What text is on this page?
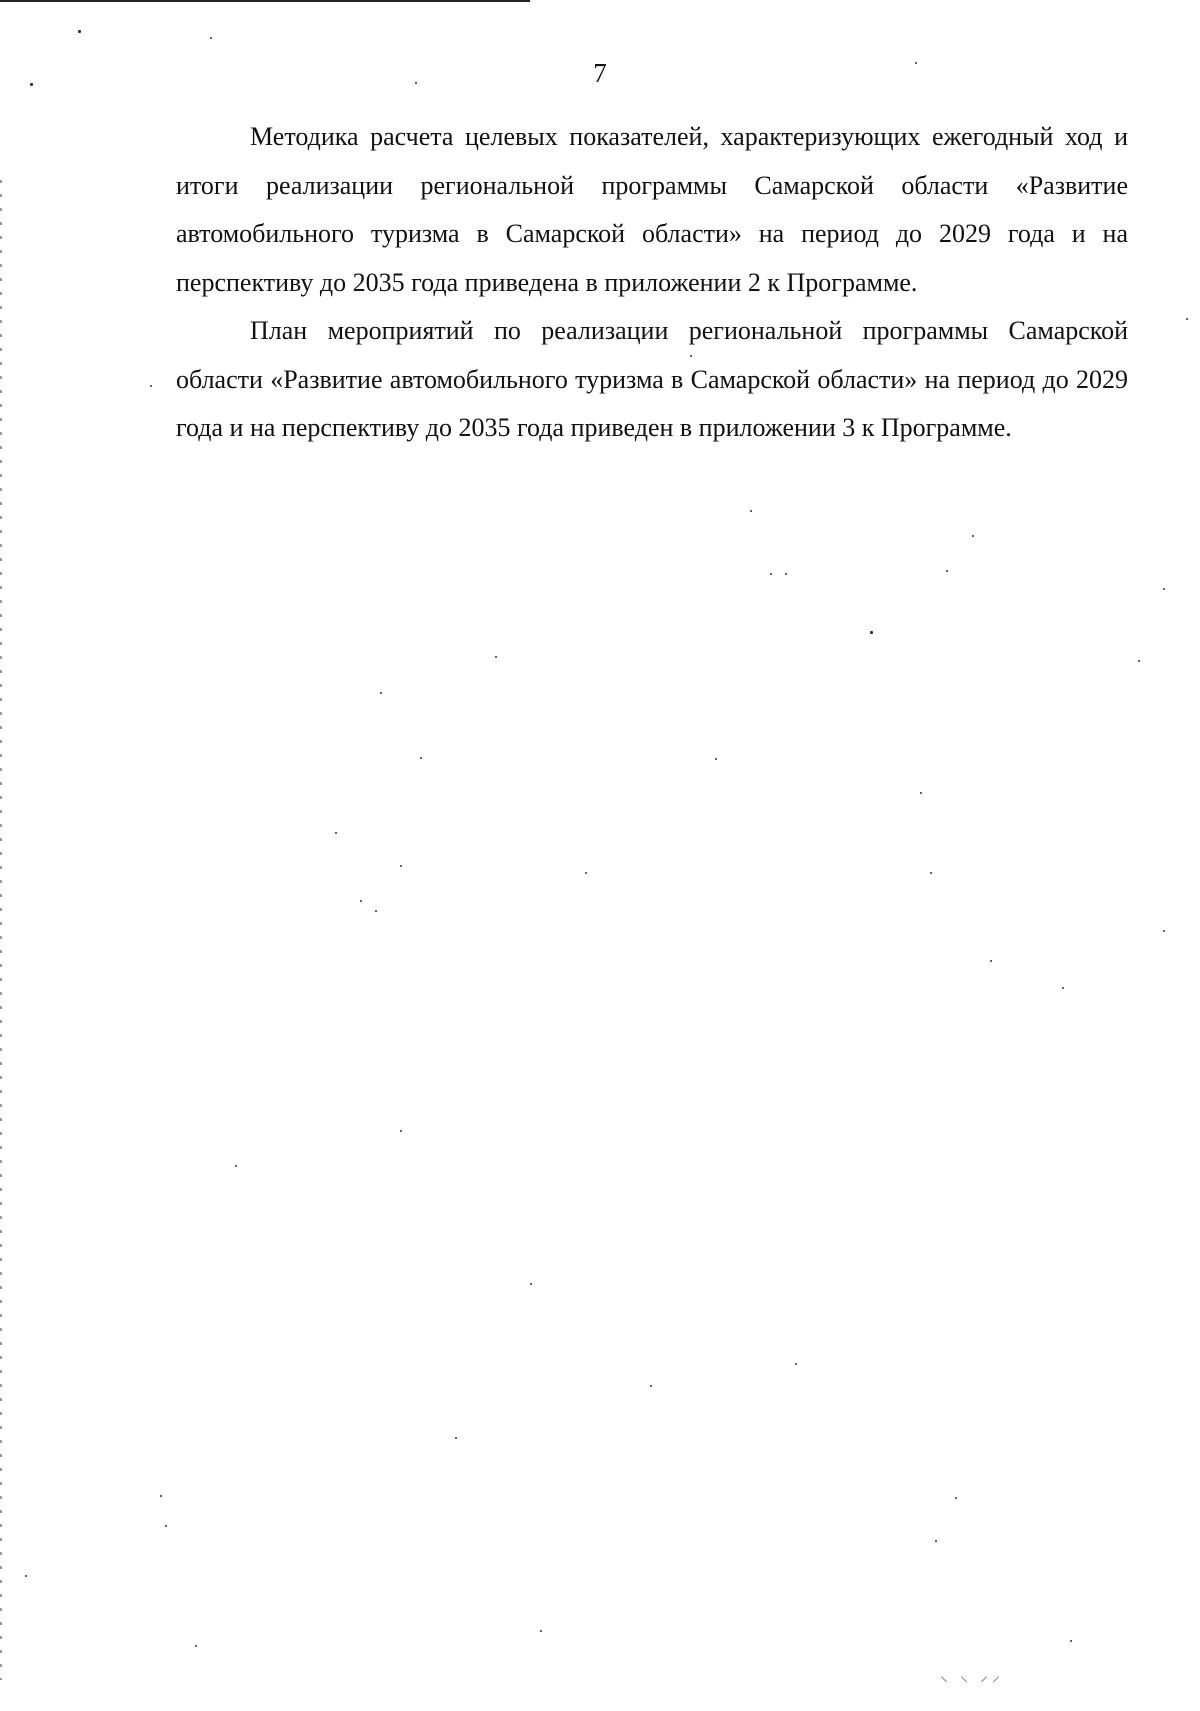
7

Методика расчета целевых показателей, характеризующих ежегодный ход и итоги реализации региональной программы Самарской области «Развитие автомобильного туризма в Самарской области» на период до 2029 года и на перспективу до 2035 года приведена в приложении 2 к Программе.

План мероприятий по реализации региональной программы Самарской области «Развитие автомобильного туризма в Самарской области» на период до 2029 года и на перспективу до 2035 года приведен в приложении 3 к Программе.

⸜ ⸜ ⸝⸝
